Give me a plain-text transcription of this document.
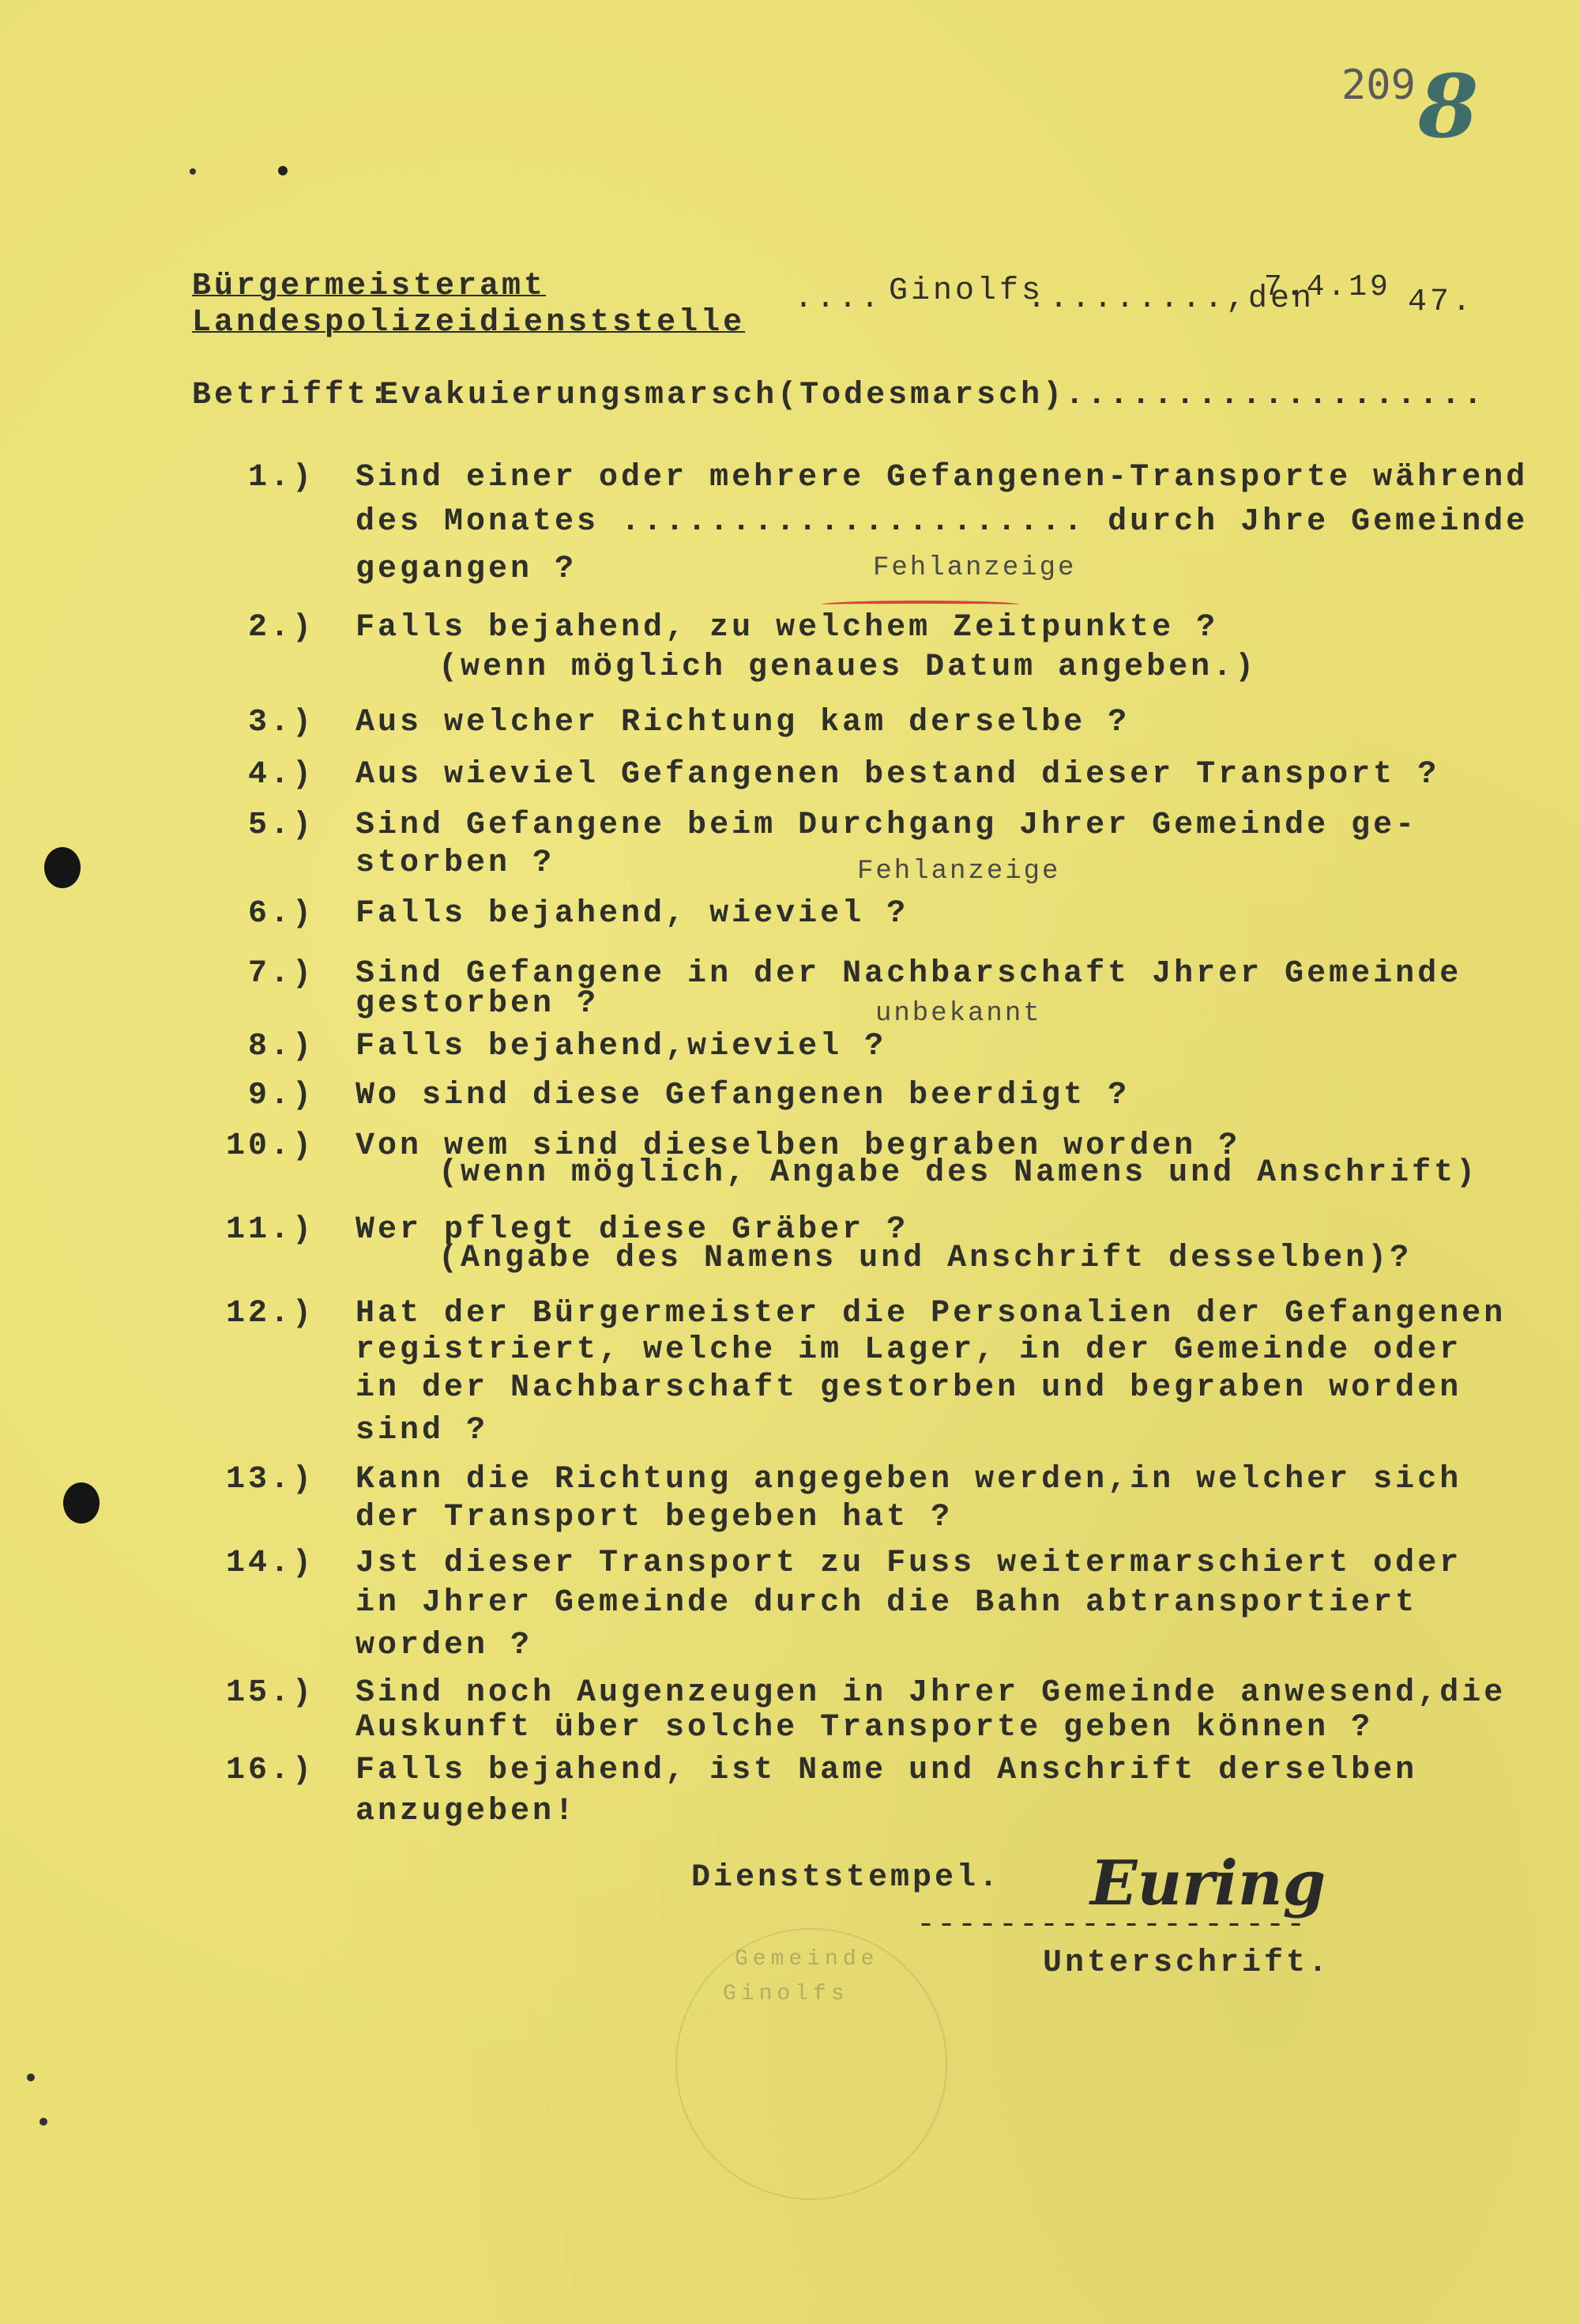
209 8
Bürgermeisteramt
Landespolizeidienststelle
.... Ginolfs
.........,den
7.4.19 47.
Betrifft:
Evakuierungsmarsch(Todesmarsch)...................
1.) Sind einer oder mehrere Gefangenen-Transporte während
des Monates ..................... durch Jhre Gemeinde
gegangen ?	Fehlanzeige
2.) Falls bejahend, zu welchem Zeitpunkte ?
(wenn möglich genaues Datum angeben.)
3.) Aus welcher Richtung kam derselbe ?
4.) Aus wieviel Gefangenen bestand dieser Transport ?
5.) Sind Gefangene beim Durchgang Jhrer Gemeinde ge-
storben ?	Fehlanzeige
6.) Falls bejahend, wieviel ?
7.) Sind Gefangene in der Nachbarschaft Jhrer Gemeinde
gestorben ?	unbekannt
8.) Falls bejahend,wieviel ?
9.) Wo sind diese Gefangenen beerdigt ?
10.) Von wem sind dieselben begraben worden ?
(wenn möglich, Angabe des Namens und Anschrift)
11.) Wer pflegt diese Gräber ?
(Angabe des Namens und Anschrift desselben)?
12.) Hat der Bürgermeister die Personalien der Gefangenen
registriert, welche im Lager, in der Gemeinde oder
in der Nachbarschaft gestorben und begraben worden
sind ?
13.) Kann die Richtung angegeben werden,in welcher sich
der Transport begeben hat ?
14.) Jst dieser Transport zu Fuss weitermarschiert oder
in Jhrer Gemeinde durch die Bahn abtransportiert
worden ?
15.) Sind noch Augenzeugen in Jhrer Gemeinde anwesend,die
Auskunft über solche Transporte geben können ?
16.) Falls bejahend, ist Name und Anschrift derselben
anzugeben!
Dienststempel.
Gemeinde
Ginolfs
Euring
-------------------
Unterschrift.
